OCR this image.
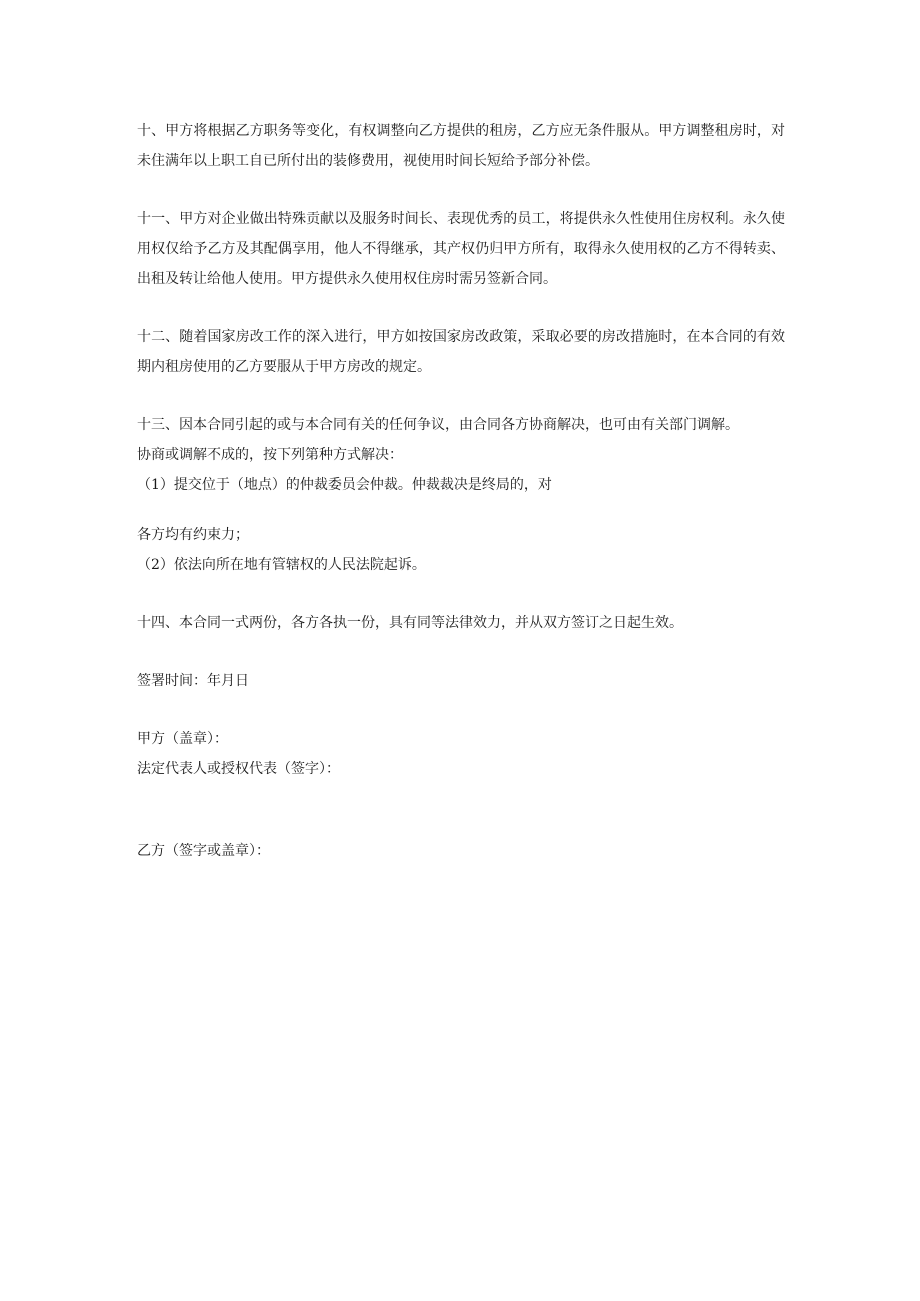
十、甲方将根据乙方职务等变化，有权调整向乙方提供的租房，乙方应无条件服从。甲方调整租房时，对未住满年以上职工自已所付出的装修费用，视使用时间长短给予部分补偿。

十一、甲方对企业做出特殊贡献以及服务时间长、表现优秀的员工，将提供永久性使用住房权利。永久使用权仅给予乙方及其配偶享用，他人不得继承，其产权仍归甲方所有，取得永久使用权的乙方不得转卖、出租及转让给他人使用。甲方提供永久使用权住房时需另签新合同。

十二、随着国家房改工作的深入进行，甲方如按国家房改政策，采取必要的房改措施时，在本合同的有效期内租房使用的乙方要服从于甲方房改的规定。

十三、因本合同引起的或与本合同有关的任何争议，由合同各方协商解决，也可由有关部门调解。

协商或调解不成的，按下列第种方式解决：

（1）提交位于（地点）的仲裁委员会仲裁。仲裁裁决是终局的，对

各方均有约束力；

（2）依法向所在地有管辖权的人民法院起诉。

十四、本合同一式两份，各方各执一份，具有同等法律效力，并从双方签订之日起生效。

签署时间：年月日

甲方（盖章）：

法定代表人或授权代表（签字）：

乙方（签字或盖章）：
